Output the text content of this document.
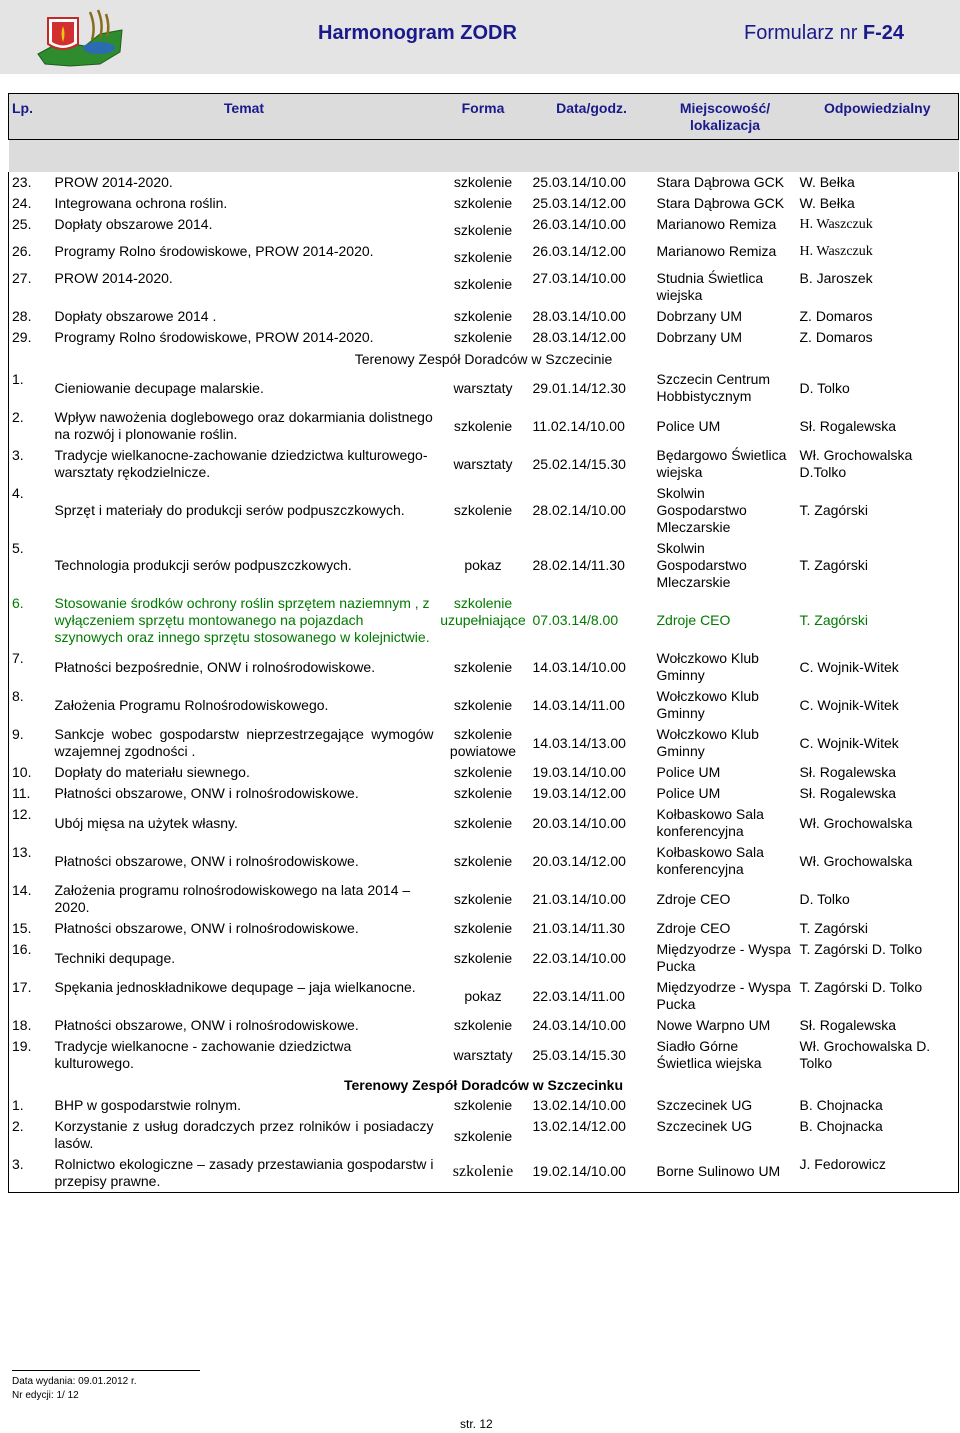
Harmonogram ZODR	Formularz nr F-24
Lp.	Temat	Forma	Data/godz.	Miejscowość/ lokalizacja	Odpowiedzialny

23.	PROW 2014-2020.	szkolenie	25.03.14/10.00	Stara Dąbrowa GCK	W. Bełka
24.	Integrowana ochrona roślin.	szkolenie	25.03.14/12.00	Stara Dąbrowa GCK	W. Bełka
25.	Dopłaty obszarowe 2014.	szkolenie	26.03.14/10.00	Marianowo Remiza	H. Waszczuk
26.	Programy Rolno środowiskowe, PROW 2014-2020.	szkolenie	26.03.14/12.00	Marianowo Remiza	H. Waszczuk
27.	PROW 2014-2020.	szkolenie	27.03.14/10.00	Studnia Świetlica wiejska	B. Jaroszek
28.	Dopłaty obszarowe 2014 .	szkolenie	28.03.14/10.00	Dobrzany UM	Z. Domaros
29.	Programy Rolno środowiskowe, PROW 2014-2020.	szkolenie	28.03.14/12.00	Dobrzany UM	Z. Domaros
Terenowy Zespół Doradców w Szczecinie					
1.	Cieniowanie decupage malarskie.	warsztaty	29.01.14/12.30	Szczecin Centrum Hobbistycznym	D. Tolko
2.	Wpływ nawożenia doglebowego oraz dokarmiania dolistnego na rozwój i plonowanie roślin.	szkolenie	11.02.14/10.00	Police UM	Sł. Rogalewska
3.	Tradycje wielkanocne-zachowanie dziedzictwa kulturowego-warsztaty rękodzielnicze.	warsztaty	25.02.14/15.30	Będargowo Świetlica wiejska	Wł. Grochowalska D.Tolko
4.	Sprzęt i materiały do produkcji serów podpuszczkowych.	szkolenie	28.02.14/10.00	Skolwin Gospodarstwo Mleczarskie	T. Zagórski
5.	Technologia produkcji serów podpuszczkowych.	pokaz	28.02.14/11.30	Skolwin Gospodarstwo Mleczarskie	T. Zagórski
6.	Stosowanie środków ochrony roślin sprzętem naziemnym , z wyłączeniem sprzętu montowanego na pojazdach szynowych oraz innego sprzętu stosowanego w kolejnictwie.	szkolenie uzupełniające	07.03.14/8.00	Zdroje CEO	T. Zagórski
7.	Płatności bezpośrednie, ONW i rolnośrodowiskowe.	szkolenie	14.03.14/10.00	Wołczkowo Klub Gminny	C. Wojnik-Witek
8.	Założenia Programu Rolnośrodowiskowego.	szkolenie	14.03.14/11.00	Wołczkowo Klub Gminny	C. Wojnik-Witek
9.	Sankcje wobec gospodarstw nieprzestrzegające wymogów wzajemnej zgodności .	szkolenie powiatowe	14.03.14/13.00	Wołczkowo Klub Gminny	C. Wojnik-Witek
10.	Dopłaty do materiału siewnego.	szkolenie	19.03.14/10.00	Police UM	Sł. Rogalewska
11.	Płatności obszarowe, ONW i rolnośrodowiskowe.	szkolenie	19.03.14/12.00	Police UM	Sł. Rogalewska
12.	Ubój mięsa na użytek własny.	szkolenie	20.03.14/10.00	Kołbaskowo Sala konferencyjna	Wł. Grochowalska
13.	Płatności obszarowe, ONW i rolnośrodowiskowe.	szkolenie	20.03.14/12.00	Kołbaskowo Sala konferencyjna	Wł. Grochowalska
14.	Założenia programu rolnośrodowiskowego na lata 2014 – 2020.	szkolenie	21.03.14/10.00	Zdroje CEO	D. Tolko
15.	Płatności obszarowe, ONW i rolnośrodowiskowe.	szkolenie	21.03.14/11.30	Zdroje CEO	T. Zagórski
16.	Techniki dequpage.	szkolenie	22.03.14/10.00	Międzyodrze - Wyspa Pucka	T. Zagórski D. Tolko
17.	Spękania jednoskładnikowe dequpage – jaja wielkanocne.	pokaz	22.03.14/11.00	Międzyodrze - Wyspa Pucka	T. Zagórski D. Tolko
18.	Płatności obszarowe, ONW i rolnośrodowiskowe.	szkolenie	24.03.14/10.00	Nowe Warpno UM	Sł. Rogalewska
19.	Tradycje wielkanocne - zachowanie dziedzictwa kulturowego.	warsztaty	25.03.14/15.30	Siadło Górne Świetlica wiejska	Wł. Grochowalska D. Tolko
Terenowy Zespół Doradców w Szczecinku					
1.	BHP w gospodarstwie rolnym.	szkolenie	13.02.14/10.00	Szczecinek UG	B. Chojnacka
2.	Korzystanie z usług doradczych przez rolników i posiadaczy lasów.	szkolenie	13.02.14/12.00	Szczecinek UG	B. Chojnacka
3.	Rolnictwo ekologiczne – zasady przestawiania gospodarstw i przepisy prawne.	szkolenie	19.02.14/10.00	Borne Sulinowo UM	J. Fedorowicz
Data wydania: 09.01.2012 r.
Nr edycji: 1/ 12
str. 12
